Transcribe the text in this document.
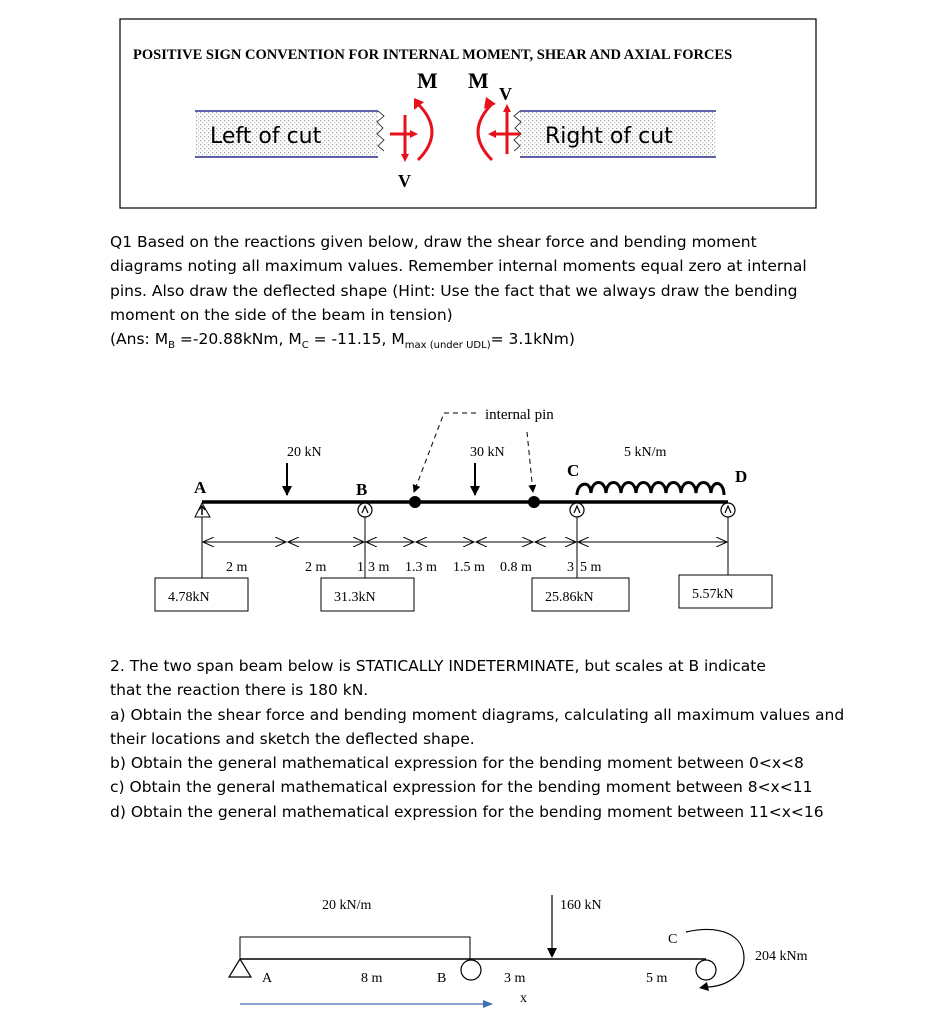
POSITIVE SIGN CONVENTION FOR INTERNAL MOMENT, SHEAR AND AXIAL FORCES
Left of cut	Right of cut
M M
V
V

Q1 Based on the reactions given below, draw the shear force and bending moment

diagrams noting all maximum values. Remember internal moments equal zero at internal

pins. Also draw the deflected shape (Hint: Use the fact that we always draw the bending

moment on the side of the beam in tension)

(Ans: $M_B =-20.88kNm$, $M_C = -11.15$, $M_{max (under UDL)}= 3.1kNm$)

internal pin
20 kN	30 kN	5 kN/m
A	B
C	D
2 m	2 m 1 3 m 1.3 m 1.5 m 0.8 m	3 5 m
4.78kN	31.3kN	25.86kN	5.57kN

2. The two span beam below is STATICALLY INDETERMINATE, but scales at B indicate

that the reaction there is 180 kN.

a) Obtain the shear force and bending moment diagrams, calculating all maximum values and

their locations and sketch the deflected shape.

b) Obtain the general mathematical expression for the bending moment between 0<x<8

c) Obtain the general mathematical expression for the bending moment between 8<x<11

d) Obtain the general mathematical expression for the bending moment between 11<x<16

20 kN/m	160 kN
204 kNm
A	B
C
8 m	3 m	5 m
x
